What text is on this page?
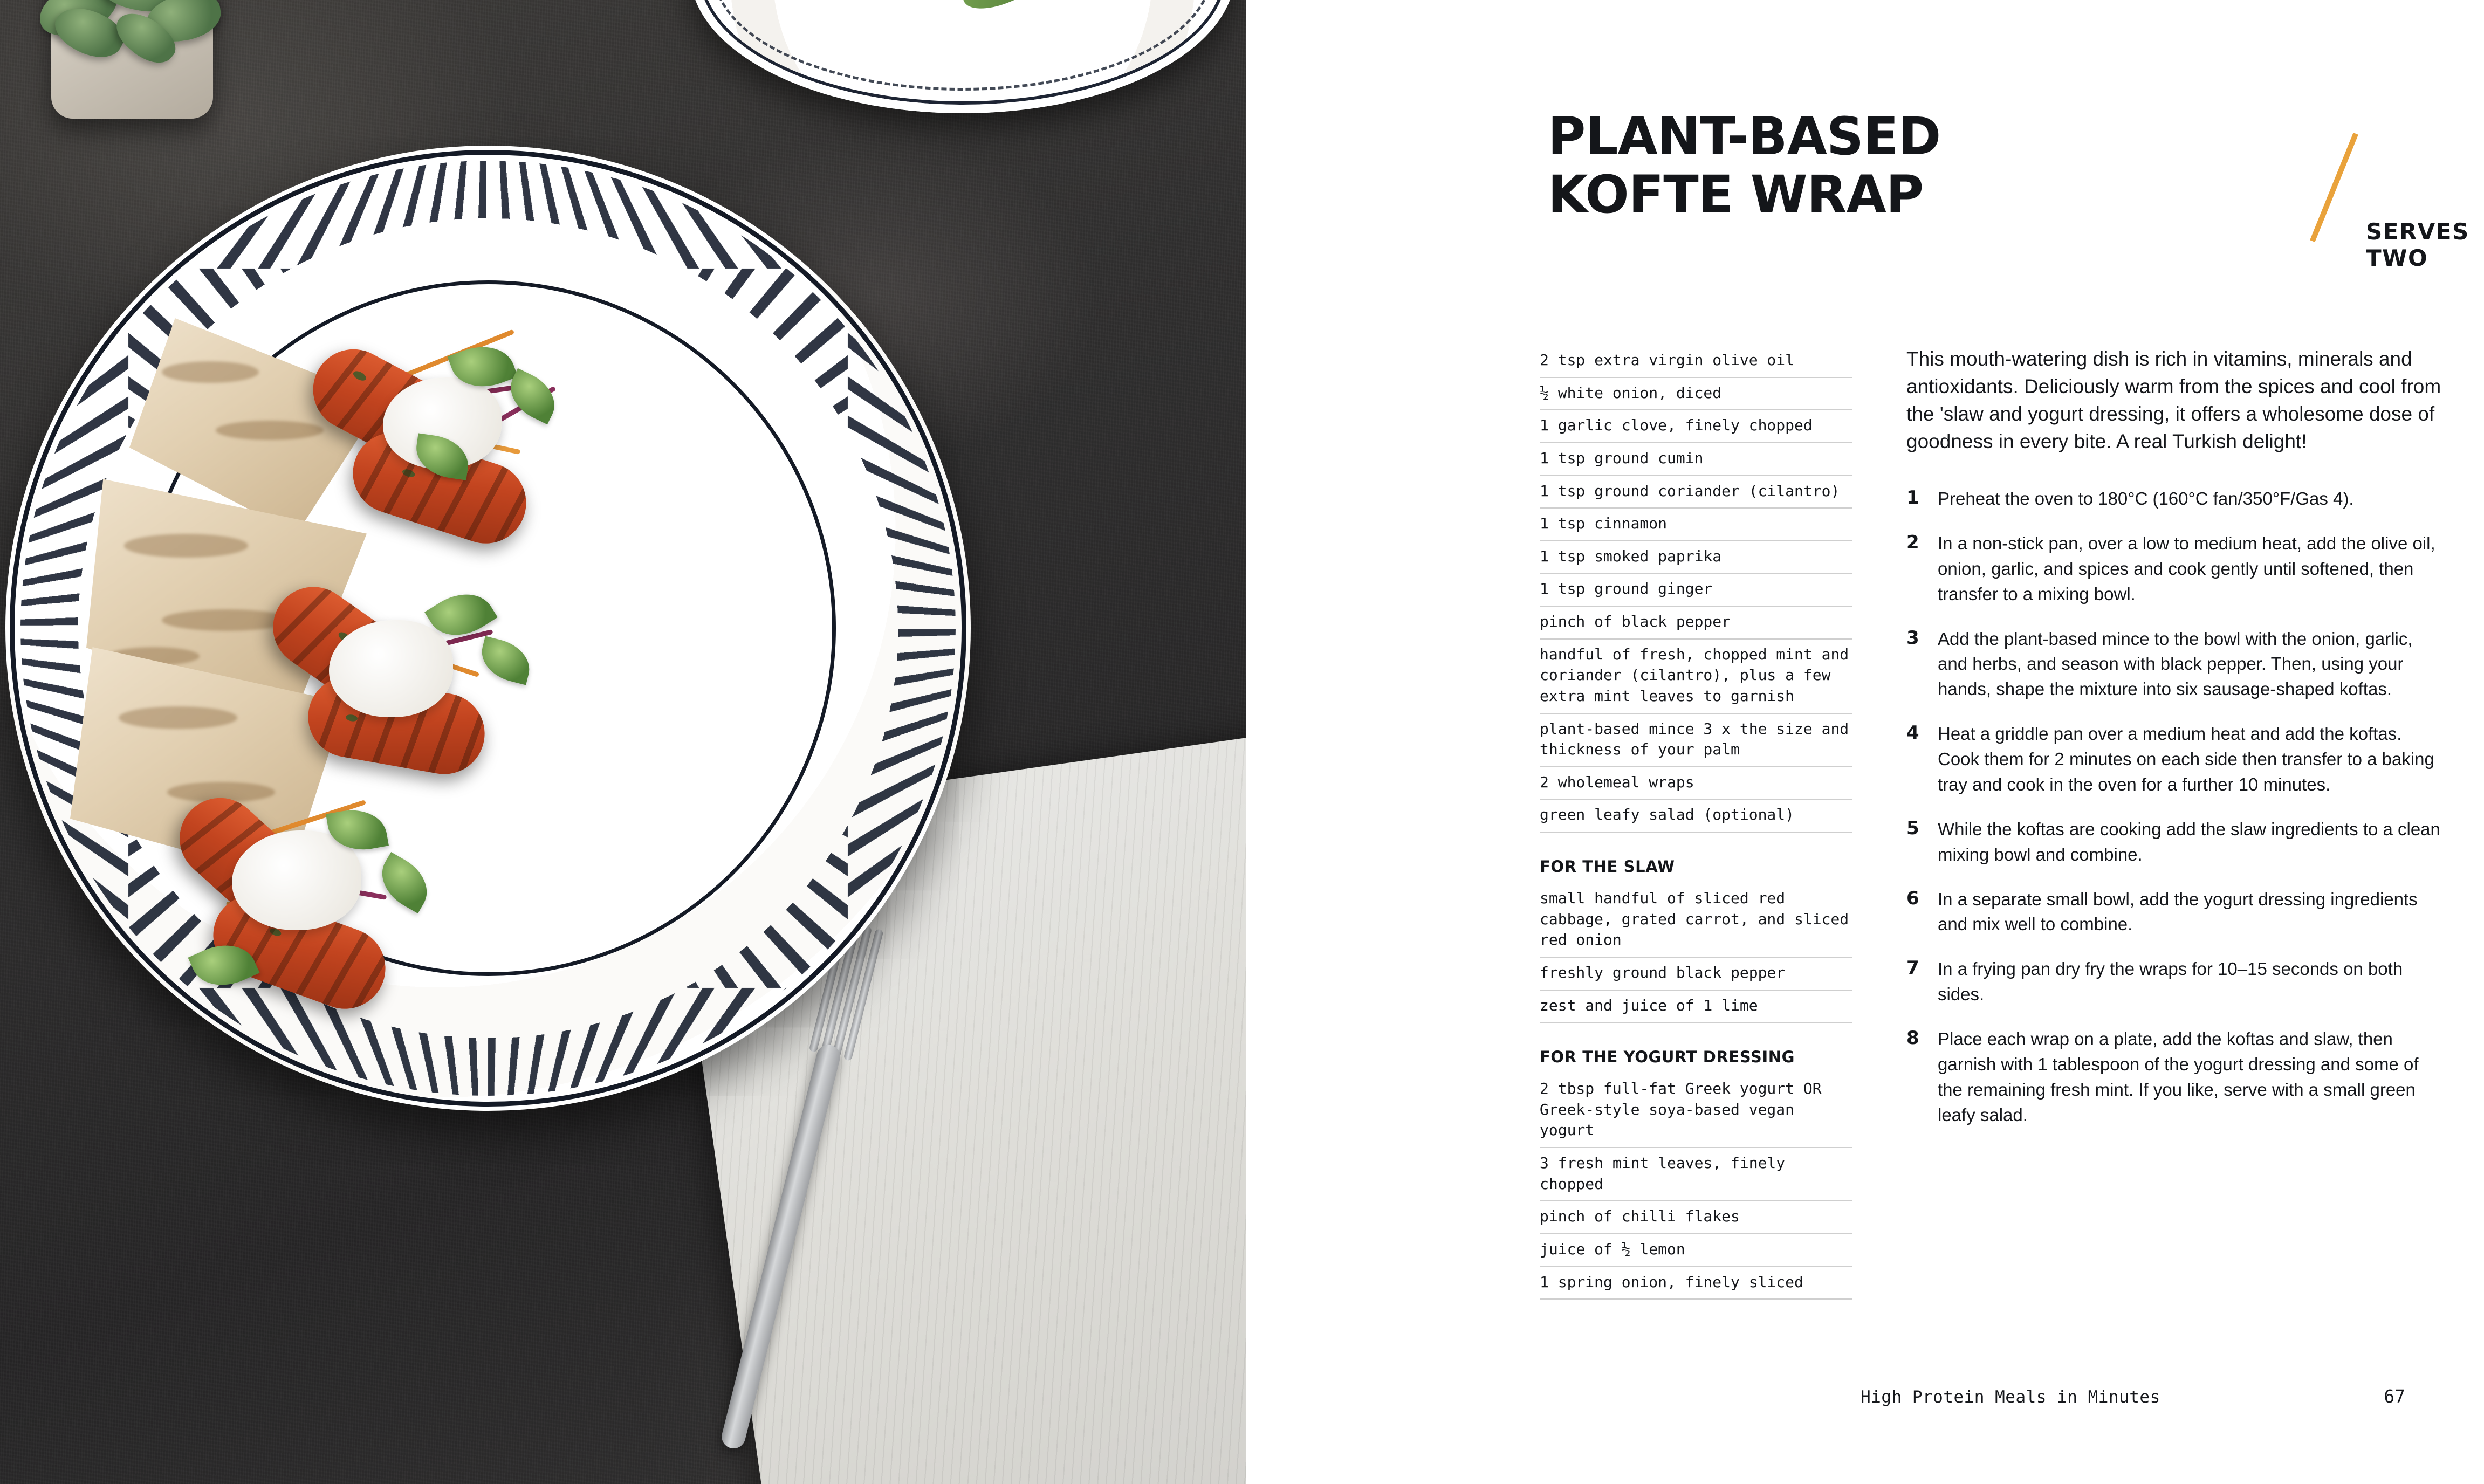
PLANT-BASED
KOFTE WRAP
SERVES TWO
2 tsp extra virgin olive oil
½ white onion, diced
1 garlic clove, finely chopped
1 tsp ground cumin
1 tsp ground coriander (cilantro)
1 tsp cinnamon
1 tsp smoked paprika
1 tsp ground ginger
pinch of black pepper
handful of fresh, chopped mint and coriander (cilantro), plus a few extra mint leaves to garnish
plant-based mince 3 x the size and thickness of your palm
2 wholemeal wraps
green leafy salad (optional)
FOR THE SLAW
small handful of sliced red cabbage, grated carrot, and sliced red onion
freshly ground black pepper
zest and juice of 1 lime
FOR THE YOGURT DRESSING
2 tbsp full-fat Greek yogurt OR Greek-style soya-based vegan yogurt
3 fresh mint leaves, finely chopped
pinch of chilli flakes
juice of ½ lemon
1 spring onion, finely sliced

This mouth-watering dish is rich in vitamins, minerals and antioxidants. Deliciously warm from the spices and cool from the 'slaw and yogurt dressing, it offers a wholesome dose of goodness in every bite. A real Turkish delight!

1 Preheat the oven to 180°C (160°C fan/350°F/Gas 4).
2 In a non-stick pan, over a low to medium heat, add the olive oil, onion, garlic, and spices and cook gently until softened, then transfer to a mixing bowl.
3 Add the plant-based mince to the bowl with the onion, garlic, and herbs, and season with black pepper. Then, using your hands, shape the mixture into six sausage-shaped koftas.
4 Heat a griddle pan over a medium heat and add the koftas. Cook them for 2 minutes on each side then transfer to a baking tray and cook in the oven for a further 10 minutes.
5 While the koftas are cooking add the slaw ingredients to a clean mixing bowl and combine.
6 In a separate small bowl, add the yogurt dressing ingredients and mix well to combine.
7 In a frying pan dry fry the wraps for 10–15 seconds on both sides.
8 Place each wrap on a plate, add the koftas and slaw, then garnish with 1 tablespoon of the yogurt dressing and some of the remaining fresh mint. If you like, serve with a small green leafy salad.
High Protein Meals in Minutes	67
